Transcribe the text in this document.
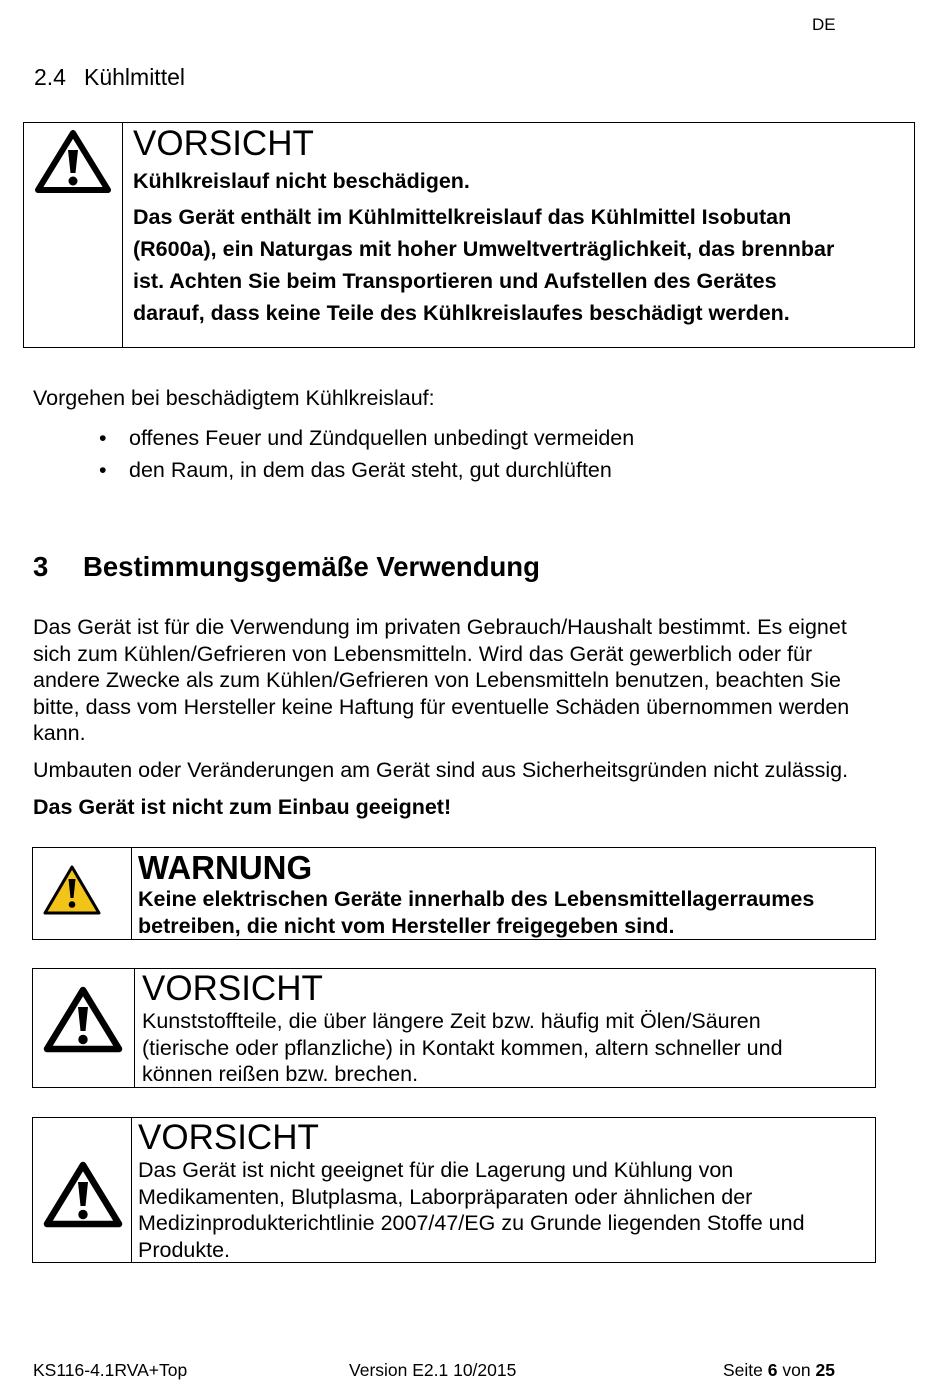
DE
2.4 Kühlmittel
VORSICHT

Kühlkreislauf nicht beschädigen.

Das Gerät enthält im Kühlmittelkreislauf das Kühlmittel Isobutan

(R600a), ein Naturgas mit hoher Umweltverträglichkeit, das brennbar

ist. Achten Sie beim Transportieren und Aufstellen des Gerätes

darauf, dass keine Teile des Kühlkreislaufes beschädigt werden.

Vorgehen bei beschädigtem Kühlkreislauf:

• offenes Feuer und Zündquellen unbedingt vermeiden
• den Raum, in dem das Gerät steht, gut durchlüften
3 Bestimmungsgemäße Verwendung

Das Gerät ist für die Verwendung im privaten Gebrauch/Haushalt bestimmt. Es eignet

sich zum Kühlen/Gefrieren von Lebensmitteln. Wird das Gerät gewerblich oder für

andere Zwecke als zum Kühlen/Gefrieren von Lebensmitteln benutzen, beachten Sie

bitte, dass vom Hersteller keine Haftung für eventuelle Schäden übernommen werden

kann.

Umbauten oder Veränderungen am Gerät sind aus Sicherheitsgründen nicht zulässig.

Das Gerät ist nicht zum Einbau geeignet!

WARNUNG

Keine elektrischen Geräte innerhalb des Lebensmittellagerraumes

betreiben, die nicht vom Hersteller freigegeben sind.

VORSICHT

Kunststoffteile, die über längere Zeit bzw. häufig mit Ölen/Säuren

(tierische oder pflanzliche) in Kontakt kommen, altern schneller und

können reißen bzw. brechen.

VORSICHT

Das Gerät ist nicht geeignet für die Lagerung und Kühlung von

Medikamenten, Blutplasma, Laborpräparaten oder ähnlichen der

Medizinprodukterichtlinie 2007/47/EG zu Grunde liegenden Stoffe und

Produkte.

KS116-4.1RVA+Top	Version E2.1 10/2015	Seite 6 von 25
